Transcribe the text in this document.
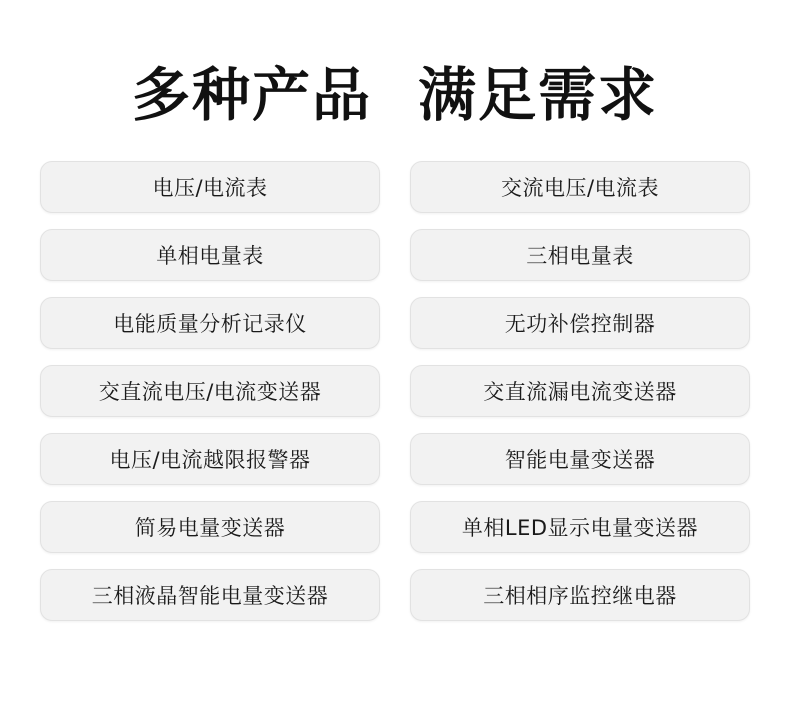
多种产品 满足需求
电压/电流表	交流电压/电流表
单相电量表	三相电量表
电能质量分析记录仪	无功补偿控制器
交直流电压/电流变送器	交直流漏电流变送器
电压/电流越限报警器	智能电量变送器
简易电量变送器	单相LED显示电量变送器
三相液晶智能电量变送器	三相相序监控继电器
